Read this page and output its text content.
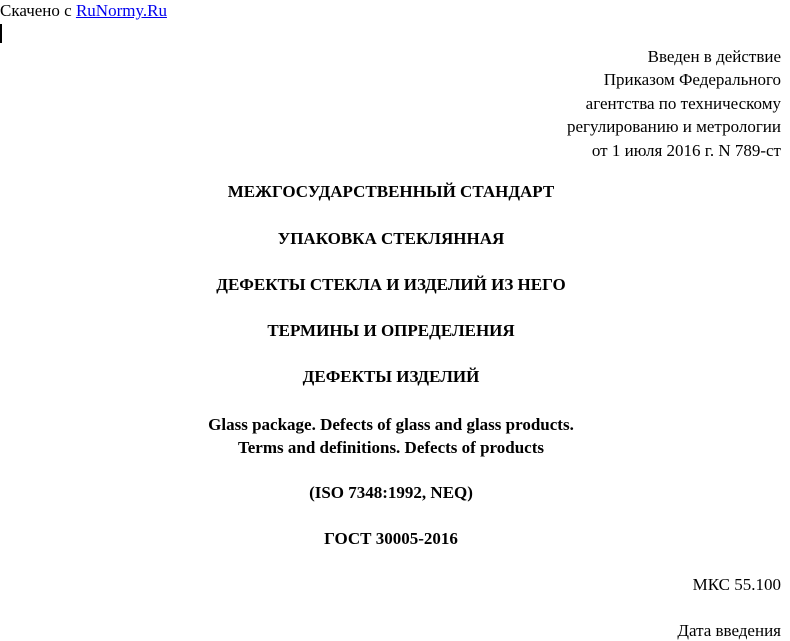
Скачено с RuNormy.Ru
Введен в действие
Приказом Федерального
агентства по техническому
регулированию и метрологии
от 1 июля 2016 г. N 789-ст
МЕЖГОСУДАРСТВЕННЫЙ СТАНДАРТ
УПАКОВКА СТЕКЛЯННАЯ
ДЕФЕКТЫ СТЕКЛА И ИЗДЕЛИЙ ИЗ НЕГО
ТЕРМИНЫ И ОПРЕДЕЛЕНИЯ
ДЕФЕКТЫ ИЗДЕЛИЙ
Glass package. Defects of glass and glass products.
Terms and definitions. Defects of products
(ISO 7348:1992, NEQ)
ГОСТ 30005-2016
МКС 55.100
Дата введения
